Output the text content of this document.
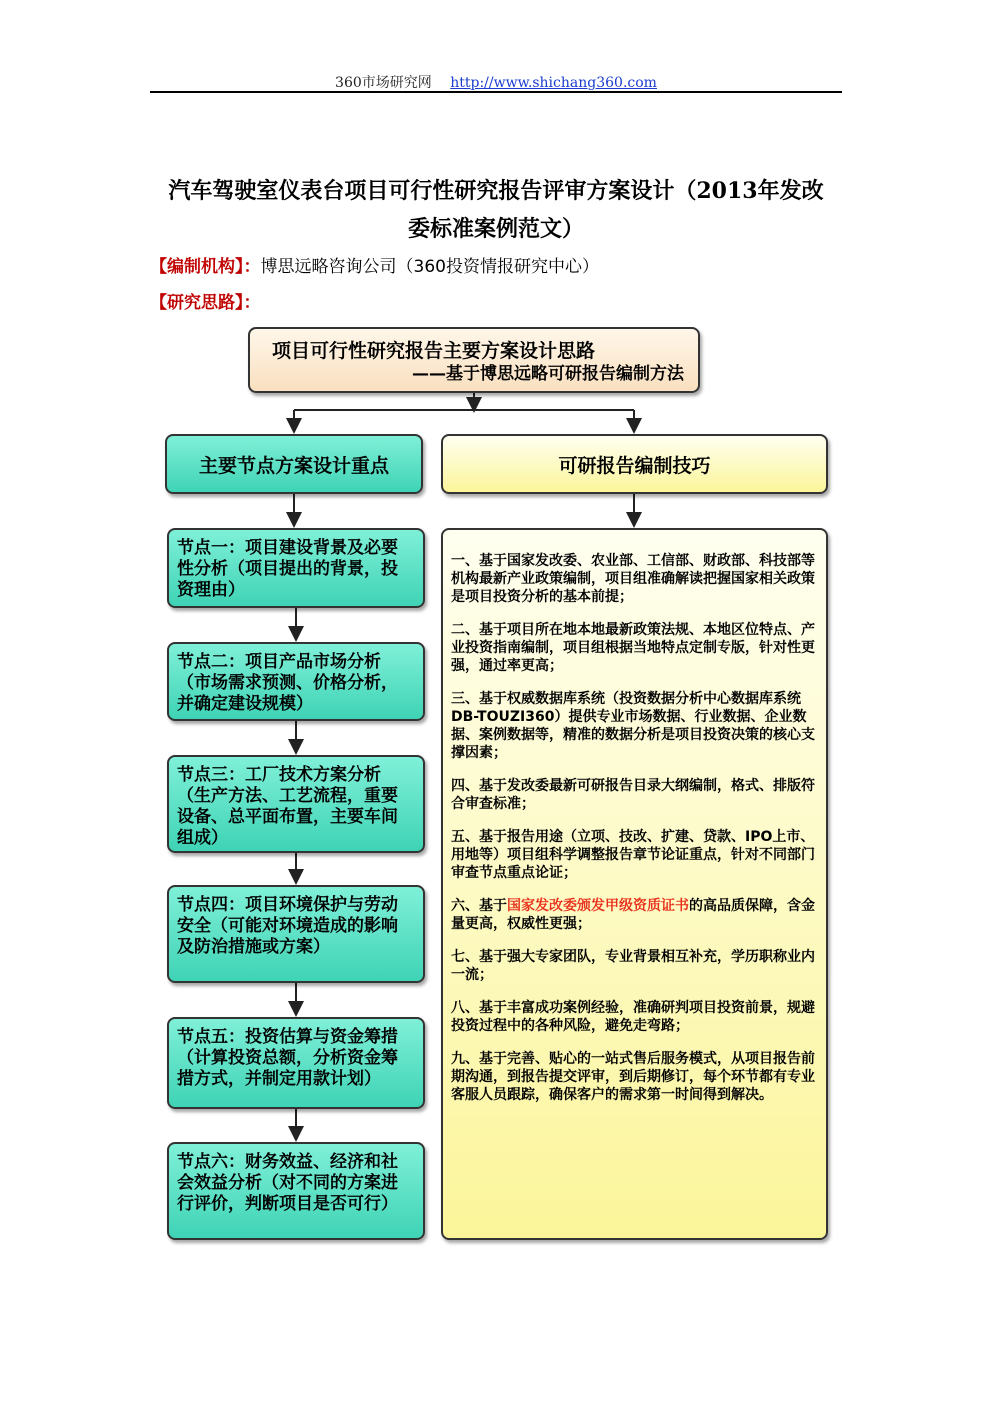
360市场研究网 http://www.shichang360.com
汽车驾驶室仪表台项目可行性研究报告评审方案设计（2013年发改
委标准案例范文）
【编制机构】：博思远略咨询公司（360投资情报研究中心）
【研究思路】：
项目可行性研究报告主要方案设计思路
——基于博思远略可研报告编制方法
主要节点方案设计重点	可研报告编制技巧
节点一：项目建设背景及必要性分析（项目提出的背景，投资理由）
节点二：项目产品市场分析（市场需求预测、价格分析，并确定建设规模）
节点三：工厂技术方案分析（生产方法、工艺流程，重要设备、总平面布置，主要车间组成）
节点四：项目环境保护与劳动安全（可能对环境造成的影响及防治措施或方案）
节点五：投资估算与资金筹措（计算投资总额，分析资金筹措方式，并制定用款计划）
节点六：财务效益、经济和社会效益分析（对不同的方案进行评价，判断项目是否可行）

一、基于国家发改委、农业部、工信部、财政部、科技部等机构最新产业政策编制，项目组准确解读把握国家相关政策是项目投资分析的基本前提；

二、基于项目所在地本地最新政策法规、本地区位特点、产业投资指南编制，项目组根据当地特点定制专版，针对性更强，通过率更高；

三、基于权威数据库系统（投资数据分析中心数据库系统DB-TOUZI360）提供专业市场数据、行业数据、企业数据、案例数据等，精准的数据分析是项目投资决策的核心支撑因素；

四、基于发改委最新可研报告目录大纲编制，格式、排版符合审查标准；

五、基于报告用途（立项、技改、扩建、贷款、IPO上市、用地等）项目组科学调整报告章节论证重点，针对不同部门审查节点重点论证；

六、基于国家发改委颁发甲级资质证书的高品质保障，含金量更高，权威性更强；

七、基于强大专家团队，专业背景相互补充，学历职称业内一流；

八、基于丰富成功案例经验，准确研判项目投资前景，规避投资过程中的各种风险，避免走弯路；

九、基于完善、贴心的一站式售后服务模式，从项目报告前期沟通，到报告提交评审，到后期修订，每个环节都有专业客服人员跟踪，确保客户的需求第一时间得到解决。
